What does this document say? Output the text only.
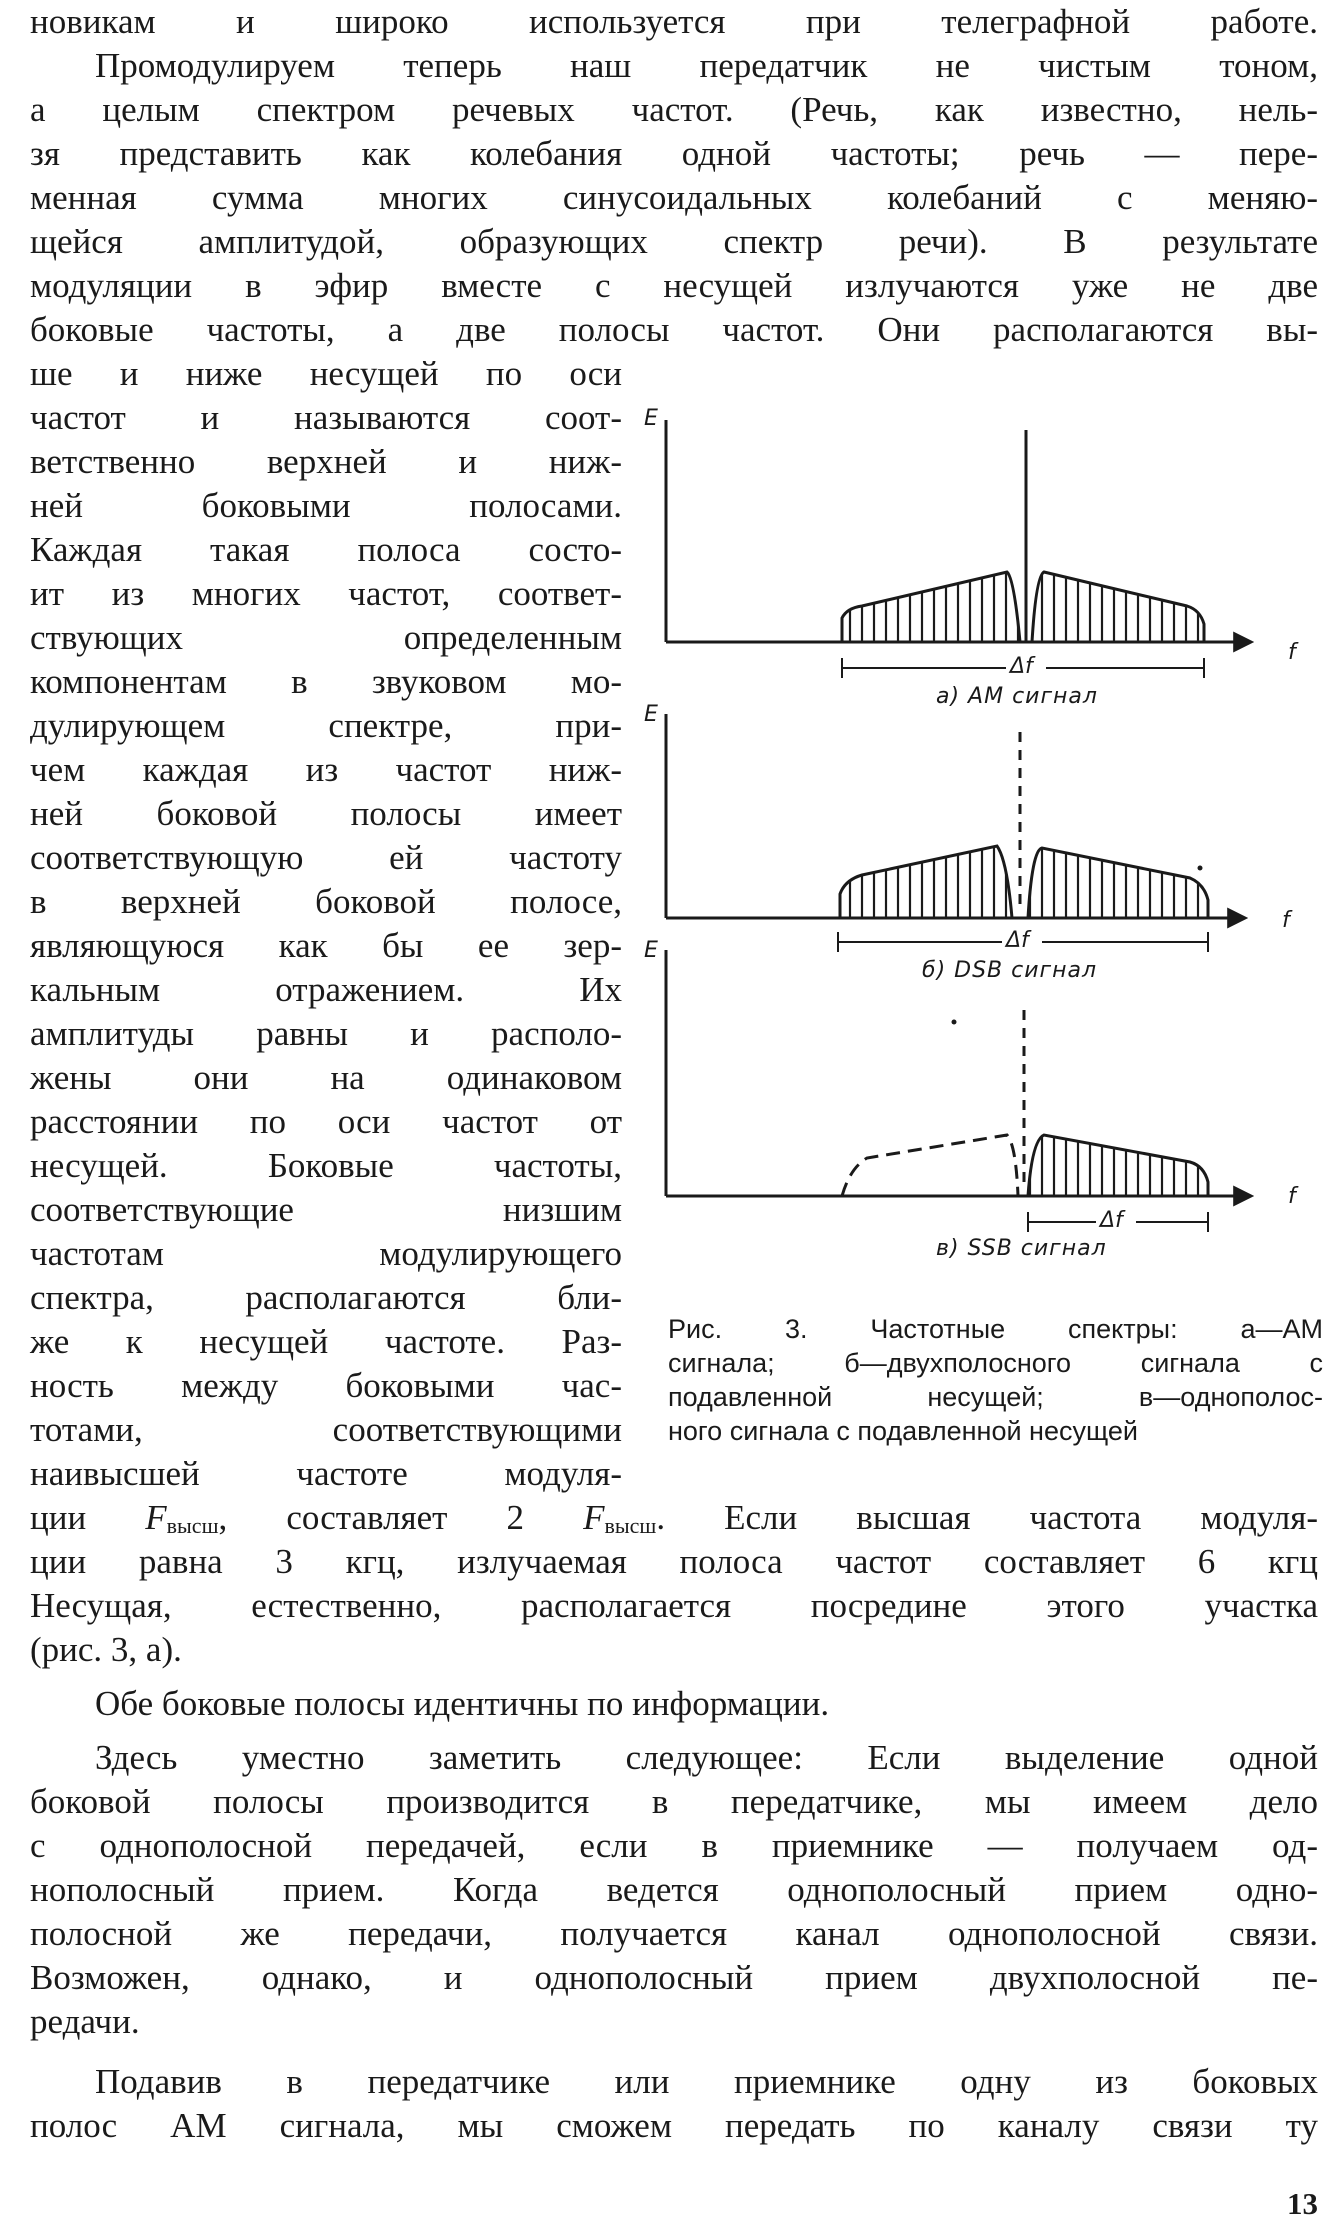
новикам и широко используется при телеграфной работе.
Промодулируем теперь наш передатчик не чистым тоном,
а целым спектром речевых частот. (Речь, как известно, нель-
зя представить как колебания одной частоты; речь — пере-
менная сумма многих синусоидальных колебаний с меняю-
щейся амплитудой, образующих спектр речи). В результате
модуляции в эфир вместе с несущей излучаются уже не две
боковые частоты, а две полосы частот. Они располагаются вы-
ше и ниже несущей по оси
частот и называются соот-
ветственно верхней и ниж-
ней боковыми полосами.
Каждая такая полоса состо-
ит из многих частот, соответ-
ствующих определенным
компонентам в звуковом мо-
дулирующем спектре, при-
чем каждая из частот ниж-
ней боковой полосы имеет
соответствующую ей частоту
в верхней боковой полосе,
являющуюся как бы ее зер-
кальным отражением. Их
амплитуды равны и располо-
жены они на одинаковом
расстоянии по оси частот от
несущей. Боковые частоты,
соответствующие низшим
частотам модулирующего
спектра, располагаются бли-
же к несущей частоте. Раз-
ность между боковыми час-
тотами, соответствующими
наивысшей частоте модуля-
ции $F_{высш}$, составляет 2 $F_{высш}$. Если высшая частота модуля-
ции равна 3 кгц, излучаемая полоса частот составляет 6 кгц
Несущая, естественно, располагается посредине этого участка
(рис. 3, а).
Обе боковые полосы идентичны по информации.
Здесь уместно заметить следующее: Если выделение одной
боковой полосы производится в передатчике, мы имеем дело
с однополосной передачей, если в приемнике — получаем од-
нополосный прием. Когда ведется однополосный прием одно-
полосной же передачи, получается канал однополосной связи.
Возможен, однако, и однополосный прием двухполосной пе-
редачи.
Подавив в передатчике или приемнике одну из боковых
полос АМ сигнала, мы сможем передать по каналу связи ту
E
E
E
f
f
f
Δf
Δf
Δf
а) АМ сигнал
б) DSB сигнал
в) SSB сигнал
Рис. 3. Частотные спектры: а—АМ
сигнала; б—двухполосного сигнала с
подавленной несущей; в—однополос-
ного сигнала с подавленной несущей
13
